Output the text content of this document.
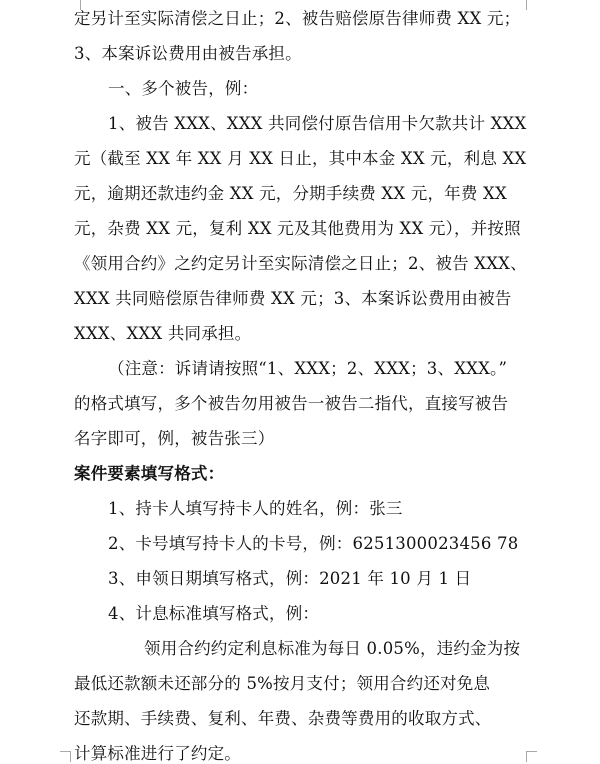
定另计至实际清偿之日止；2、被告赔偿原告律师费 XX 元；
3、本案诉讼费用由被告承担。
一、多个被告，例：
1、被告 XXX、XXX 共同偿付原告信用卡欠款共计 XXX
元（截至 XX 年 XX 月 XX 日止，其中本金 XX 元，利息 XX
元，逾期还款违约金 XX 元，分期手续费 XX 元，年费 XX
元，杂费 XX 元，复利 XX 元及其他费用为 XX 元），并按照
《领用合约》之约定另计至实际清偿之日止；2、被告 XXX、
XXX 共同赔偿原告律师费 XX 元；3、本案诉讼费用由被告
XXX、XXX 共同承担。
（注意：诉请请按照“1、XXX；2、XXX；3、XXX。”
的格式填写，多个被告勿用被告一被告二指代，直接写被告
名字即可，例，被告张三）
案件要素填写格式：
1、持卡人填写持卡人的姓名，例：张三
2、卡号填写持卡人的卡号，例：6251300023456 78
3、申领日期填写格式，例：2021 年 10 月 1 日
4、计息标准填写格式，例：
领用合约约定利息标准为每日 0.05%，违约金为按
最低还款额未还部分的 5%按月支付；领用合约还对免息
还款期、手续费、复利、年费、杂费等费用的收取方式、
计算标准进行了约定。
